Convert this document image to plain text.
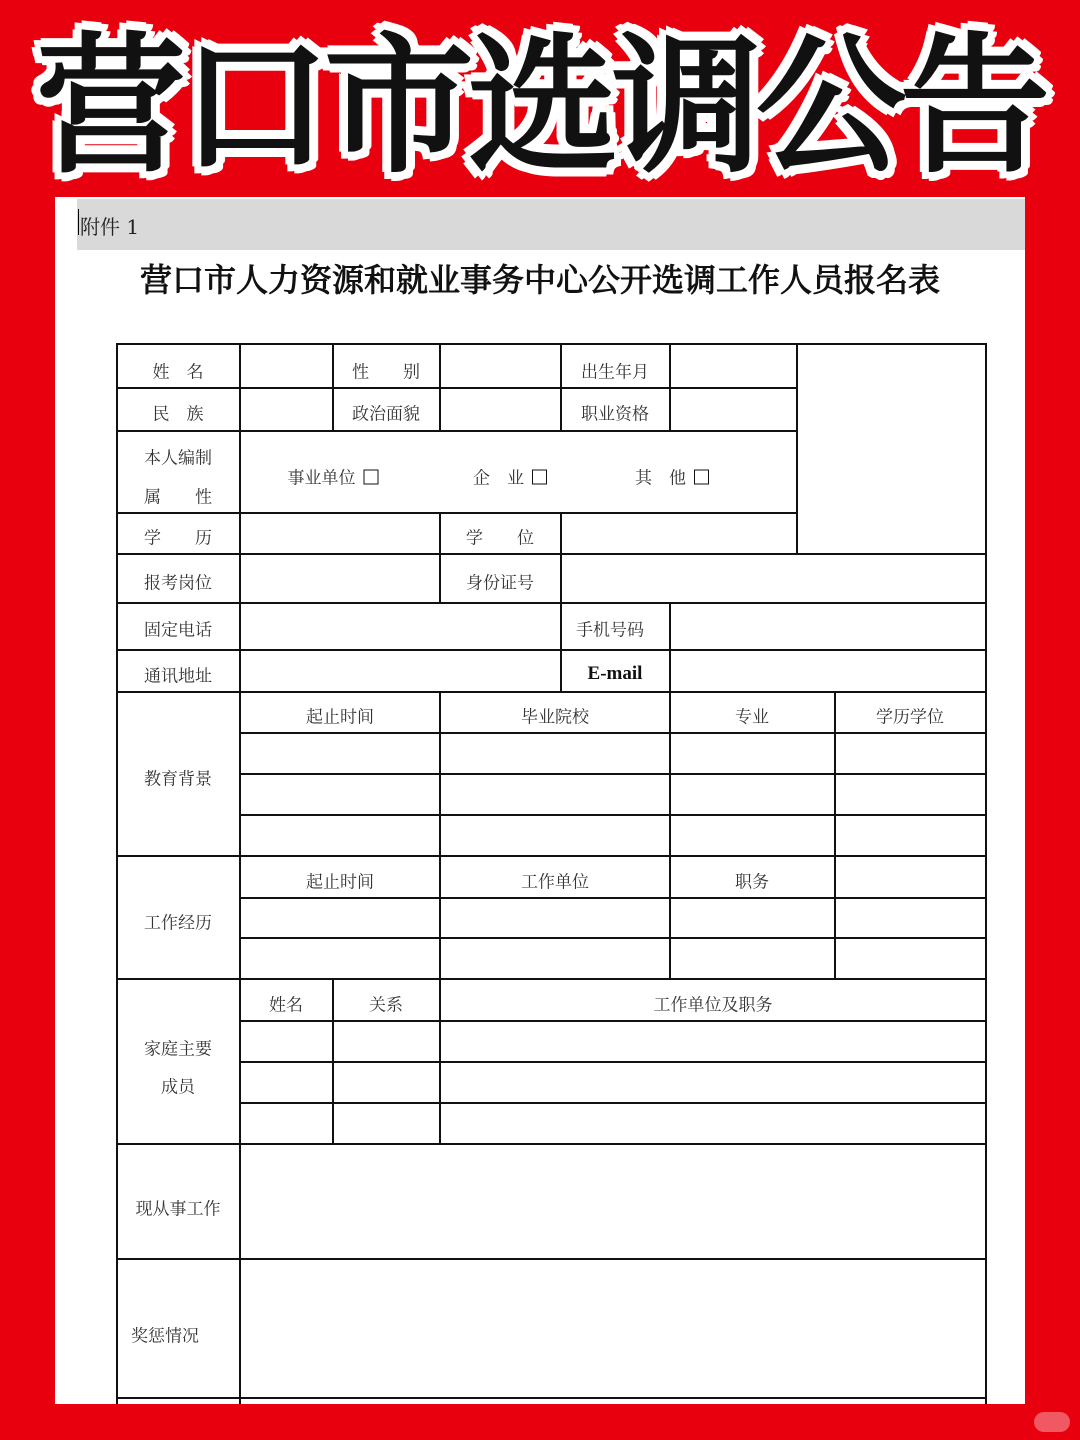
营口市选调公告
附件 1
营口市人力资源和就业事务中心公开选调工作人员报名表
姓　名	性　　别	出生年月
民　族	政治面貌	职业资格
本人编制
属　　性
事业单位	企　业	其　他
学　　历	学　　位
报考岗位	身份证号
固定电话	手机号码
通讯地址	E-mail
教育背景
起止时间	毕业院校	专业	学历学位
工作经历
起止时间	工作单位	职务
家庭主要
成员
姓名	关系	工作单位及职务
现从事工作
奖惩情况
